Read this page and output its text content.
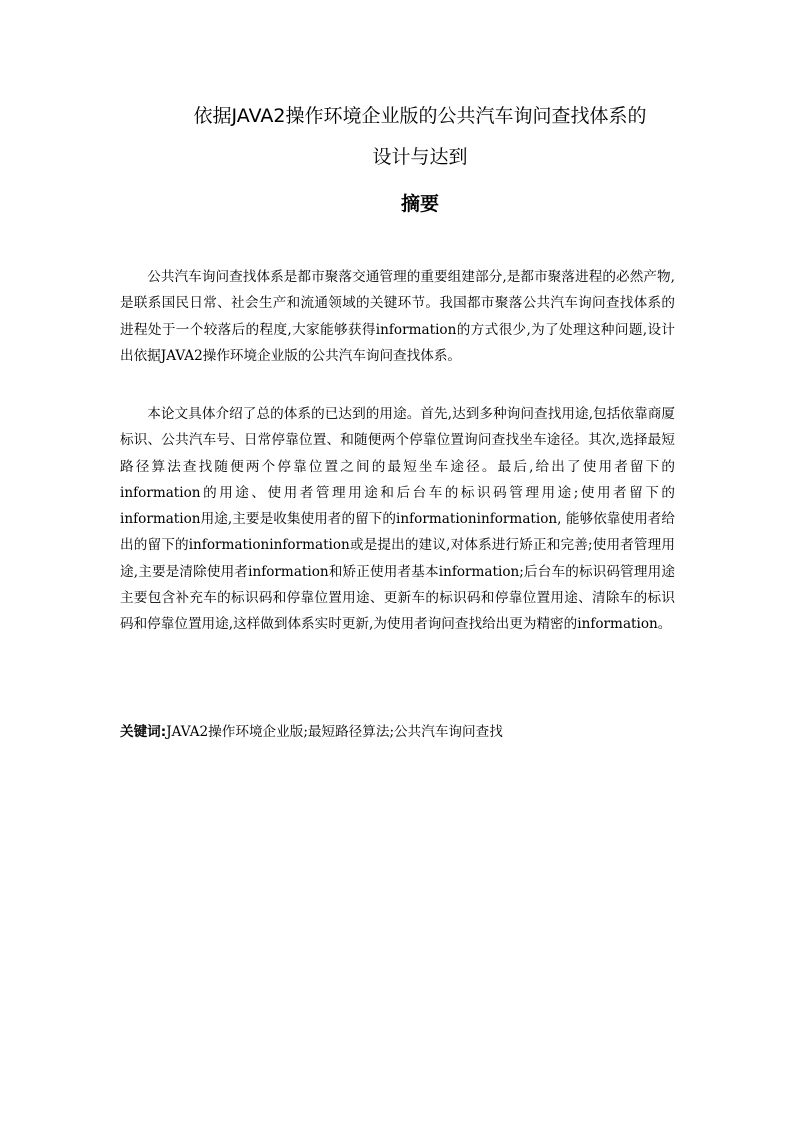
依据JAVA2操作环境企业版的公共汽车询问查找体系的
设计与达到
摘要

公共汽车询问查找体系是都市聚落交通管理的重要组建部分,是都市聚落进程的必然产物,是联系国民日常、社会生产和流通领域的关键环节。我国都市聚落公共汽车询问查找体系的进程处于一个较落后的程度,大家能够获得information的方式很少,为了处理这种问题,设计出依据JAVA2操作环境企业版的公共汽车询问查找体系。

本论文具体介绍了总的体系的已达到的用途。首先,达到多种询问查找用途,包括依靠商厦标识、公共汽车号、日常停靠位置、和随便两个停靠位置询问查找坐车途径。其次,选择最短路径算法查找随便两个停靠位置之间的最短坐车途径。最后,给出了使用者留下的information的用途、使用者管理用途和后台车的标识码管理用途;使用者留下的information用途,主要是收集使用者的留下的informationinformation, 能够依靠使用者给出的留下的informationinformation或是提出的建议,对体系进行矫正和完善;使用者管理用途,主要是清除使用者information和矫正使用者基本information;后台车的标识码管理用途主要包含补充车的标识码和停靠位置用途、更新车的标识码和停靠位置用途、清除车的标识码和停靠位置用途,这样做到体系实时更新,为使用者询问查找给出更为精密的information。

关键词:JAVA2操作环境企业版;最短路径算法;公共汽车询问查找
